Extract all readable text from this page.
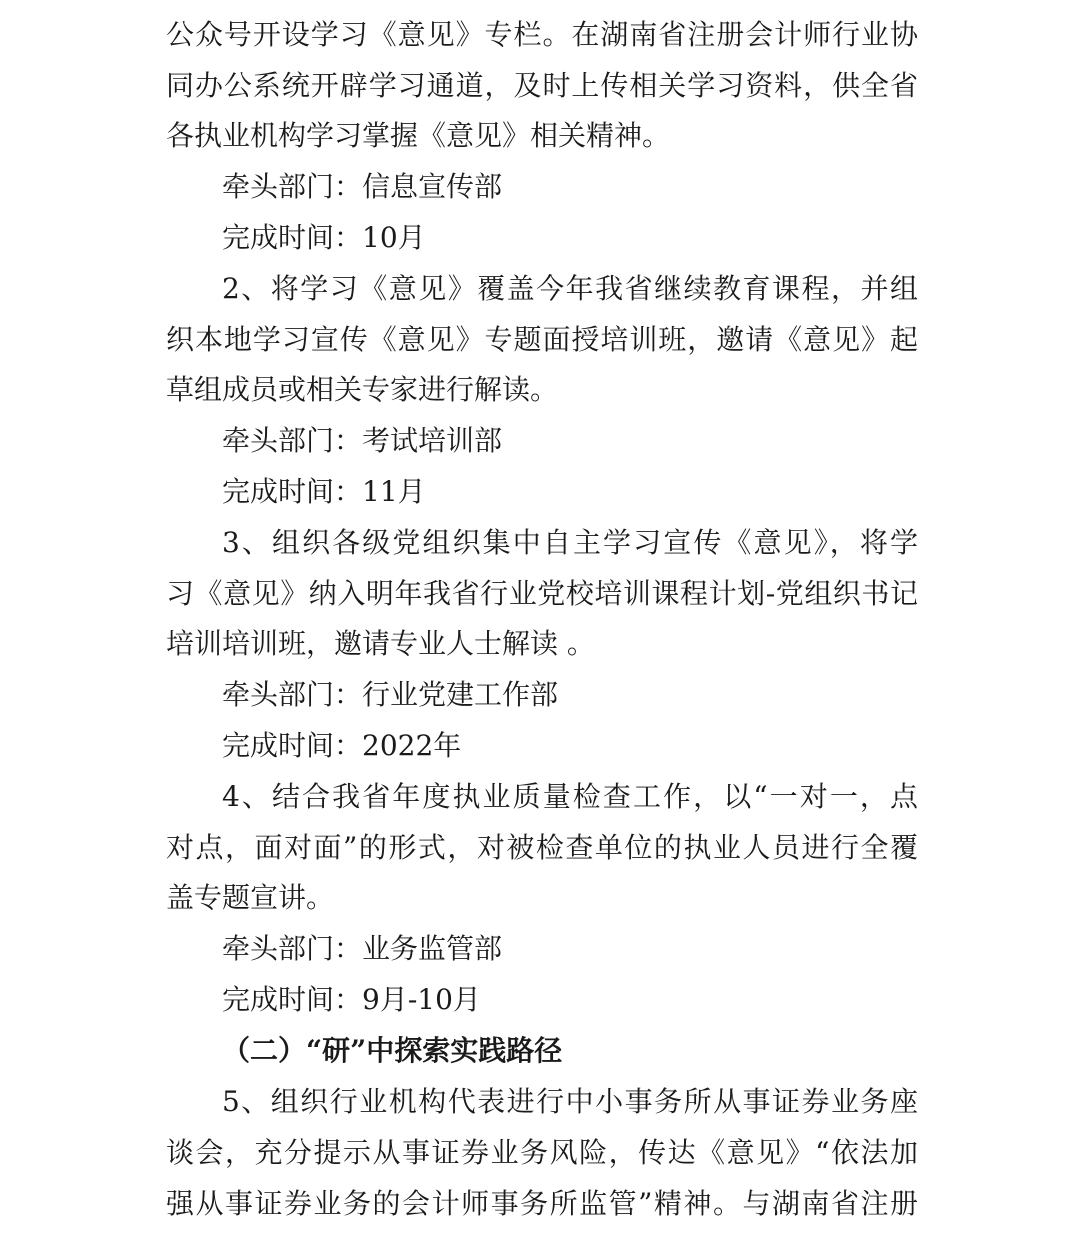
公众号开设学习《意见》专栏。在湖南省注册会计师行业协
同办公系统开辟学习通道，及时上传相关学习资料，供全省
各执业机构学习掌握《意见》相关精神。
牵头部门：信息宣传部
完成时间：10月
2、将学习《意见》覆盖今年我省继续教育课程，并组
织本地学习宣传《意见》专题面授培训班，邀请《意见》起
草组成员或相关专家进行解读。
牵头部门：考试培训部
完成时间：11月
3、组织各级党组织集中自主学习宣传《意见》，将学
习《意见》纳入明年我省行业党校培训课程计划-党组织书记
培训培训班，邀请专业人士解读 。
牵头部门：行业党建工作部
完成时间：2022年
4、结合我省年度执业质量检查工作，以“一对一，点
对点，面对面”的形式，对被检查单位的执业人员进行全覆
盖专题宣讲。
牵头部门：业务监管部
完成时间：9月-10月
（二）“研”中探索实践路径
5、组织行业机构代表进行中小事务所从事证券业务座
谈会，充分提示从事证券业务风险，传达《意见》“依法加
强从事证券业务的会计师事务所监管”精神。与湖南省注册
